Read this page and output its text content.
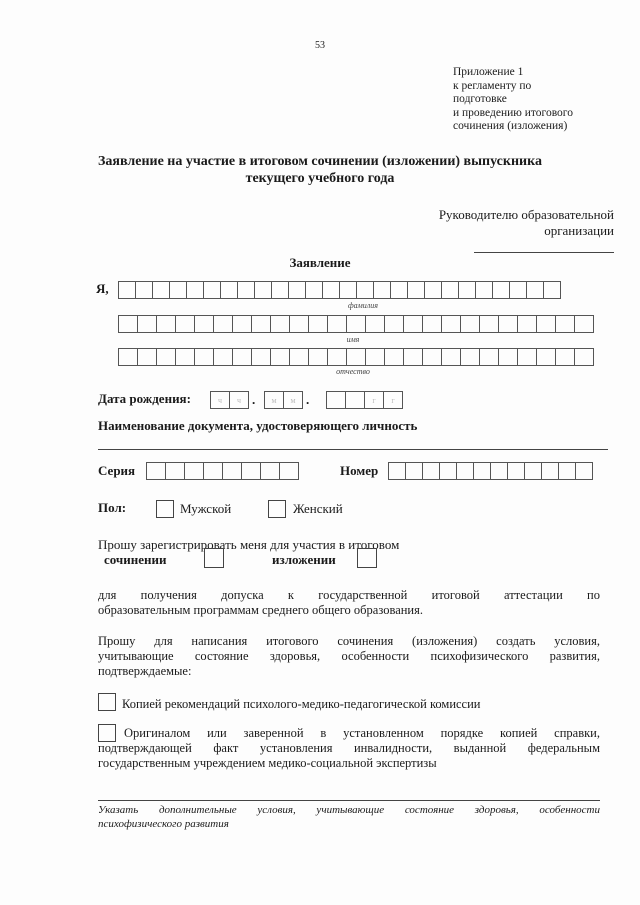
53
Приложение 1
к регламенту по
подготовке
и проведению итогового
сочинения (изложения)
Заявление на участие в итоговом сочинении (изложении) выпускника
текущего учебного года
Руководителю образовательной
организации
Заявление
Я,
фамилия
имя
отчество
Дата рождения:	ч	ч .	м	м .	г	г
Наименование документа, удостоверяющего личность
Серия	Номер
Пол:	Мужской	Женский
Прошу зарегистрировать меня для участия в итоговом
сочинении	изложении
для получения допуска к государственной итоговой аттестации по
образовательным программам среднего общего образования.
Прошу для написания итогового сочинения (изложения) создать условия,
учитывающие состояние здоровья, особенности психофизического развития,
подтверждаемые:
Копией рекомендаций психолого-медико-педагогической комиссии
Оригиналом или заверенной в установленном порядке копией справки,
подтверждающей факт установления инвалидности, выданной федеральным
государственным учреждением медико-социальной экспертизы
Указать дополнительные условия, учитывающие состояние здоровья, особенности
психофизического развития
